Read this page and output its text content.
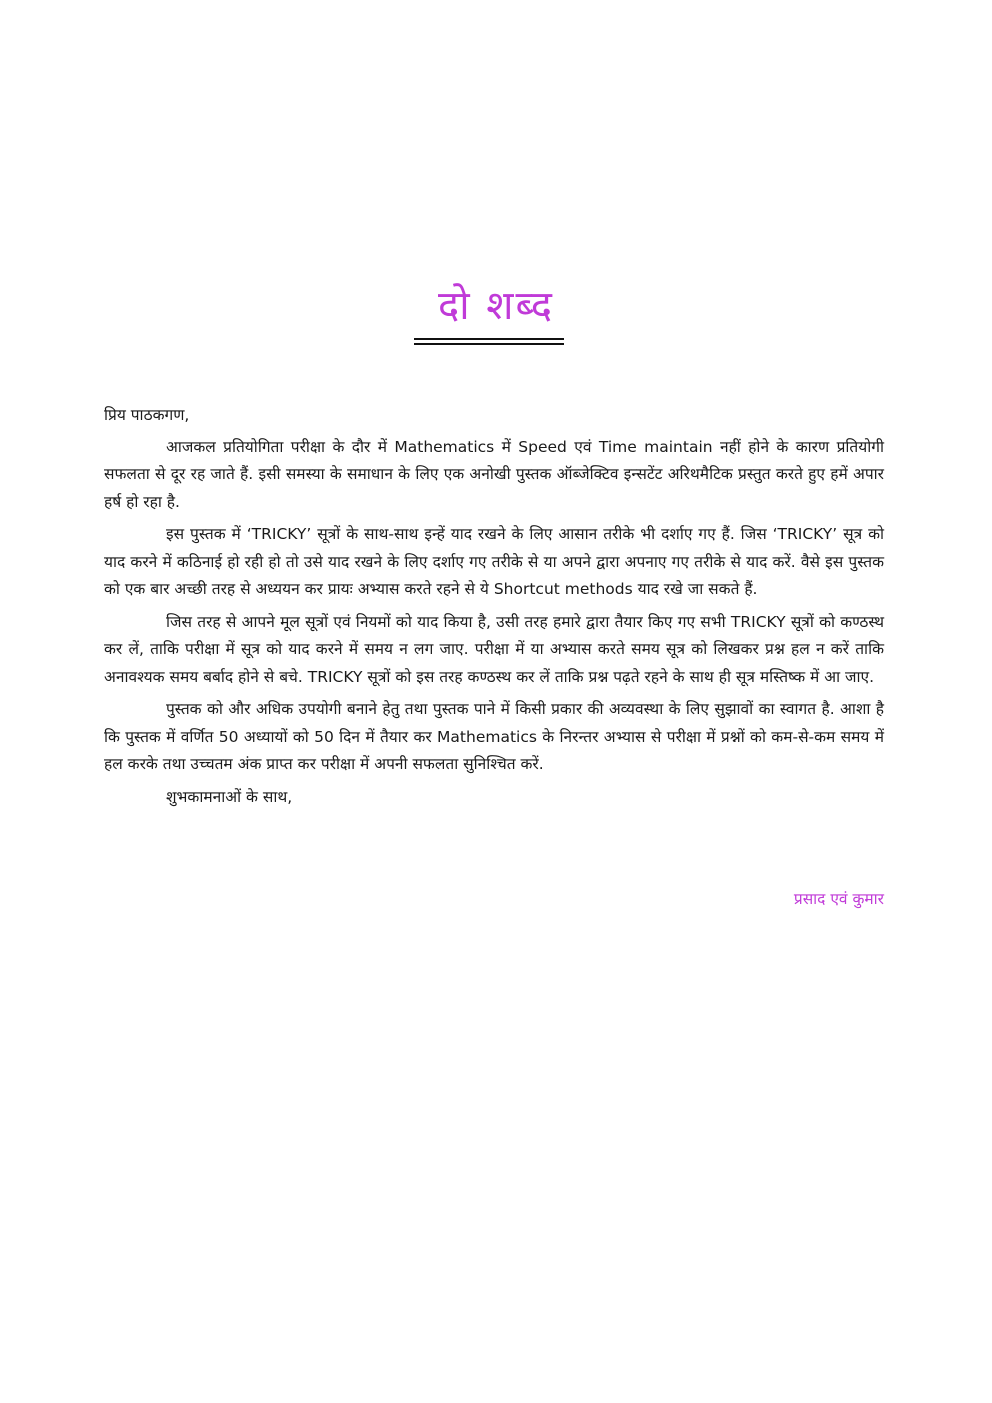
दो शब्द

प्रिय पाठकगण,

आजकल प्रतियोगिता परीक्षा के दौर में Mathematics में Speed एवं Time maintain नहीं होने के कारण प्रतियोगी सफलता से दूर रह जाते हैं. इसी समस्या के समाधान के लिए एक अनोखी पुस्तक ऑब्जेक्टिव इन्सटेंट अरिथमैटिक प्रस्तुत करते हुए हमें अपार हर्ष हो रहा है.

इस पुस्तक में ‘TRICKY’ सूत्रों के साथ-साथ इन्हें याद रखने के लिए आसान तरीके भी दर्शाए गए हैं. जिस ‘TRICKY’ सूत्र को याद करने में कठिनाई हो रही हो तो उसे याद रखने के लिए दर्शाए गए तरीके से या अपने द्वारा अपनाए गए तरीके से याद करें. वैसे इस पुस्तक को एक बार अच्छी तरह से अध्ययन कर प्रायः अभ्यास करते रहने से ये Shortcut methods याद रखे जा सकते हैं.

जिस तरह से आपने मूल सूत्रों एवं नियमों को याद किया है, उसी तरह हमारे द्वारा तैयार किए गए सभी TRICKY सूत्रों को कण्ठस्थ कर लें, ताकि परीक्षा में सूत्र को याद करने में समय न लग जाए. परीक्षा में या अभ्यास करते समय सूत्र को लिखकर प्रश्न हल न करें ताकि अनावश्यक समय बर्बाद होने से बचे. TRICKY सूत्रों को इस तरह कण्ठस्थ कर लें ताकि प्रश्न पढ़ते रहने के साथ ही सूत्र मस्तिष्क में आ जाए.

पुस्तक को और अधिक उपयोगी बनाने हेतु तथा पुस्तक पाने में किसी प्रकार की अव्यवस्था के लिए सुझावों का स्वागत है. आशा है कि पुस्तक में वर्णित 50 अध्यायों को 50 दिन में तैयार कर Mathematics के निरन्तर अभ्यास से परीक्षा में प्रश्नों को कम-से-कम समय में हल करके तथा उच्चतम अंक प्राप्त कर परीक्षा में अपनी सफलता सुनिश्चित करें.

शुभकामनाओं के साथ,

प्रसाद एवं कुमार
